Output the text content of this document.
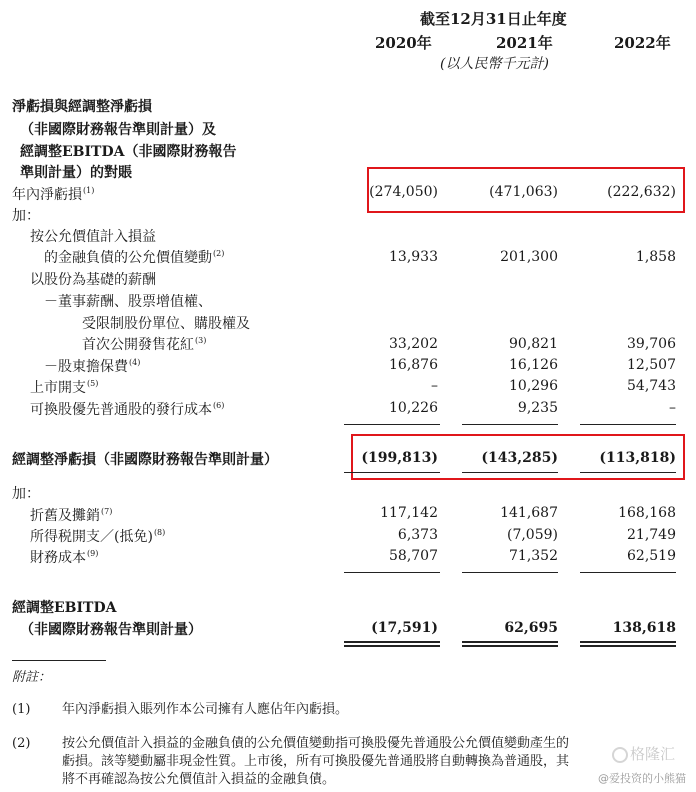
截至12月31日止年度
2020年	2021年	2022年
(以人民幣千元計)
淨虧損與經調整淨虧損
（非國際財務報告準則計量）及
經調整EBITDA（非國際財務報告
準則計量）的對賬
年內淨虧損$^{(1)}$	(274,050)	(471,063)	(222,632)
加：
按公允價值計入損益
的金融負債的公允價值變動$^{(2)}$	13,933	201,300	1,858
以股份為基礎的薪酬
－董事薪酬、股票增值權、
受限制股份單位、購股權及
首次公開發售花紅$^{(3)}$	33,202	90,821	39,706
－股東擔保費$^{(4)}$	16,876	16,126	12,507
上市開支$^{(5)}$	–	10,296	54,743
可換股優先普通股的發行成本$^{(6)}$	10,226	9,235	–
經調整淨虧損（非國際財務報告準則計量）	(199,813)	(143,285)	(113,818)
加：
折舊及攤銷$^{(7)}$	117,142	141,687	168,168
所得税開支／(抵免)$^{(8)}$	6,373	(7,059)	21,749
財務成本$^{(9)}$	58,707	71,352	62,519
經調整EBITDA
（非國際財務報告準則計量）	(17,591)	62,695	138,618
附註：
(1) 年內淨虧損入賬列作本公司擁有人應佔年內虧損。
(2) 按公允價值計入損益的金融負債的公允價值變動指可換股優先普通股公允價值變動產生的
虧損。該等變動屬非現金性質。上市後，所有可換股優先普通股將自動轉換為普通股，其
將不再確認為按公允價值計入損益的金融負債。
格隆汇
@爱投资的小熊猫
